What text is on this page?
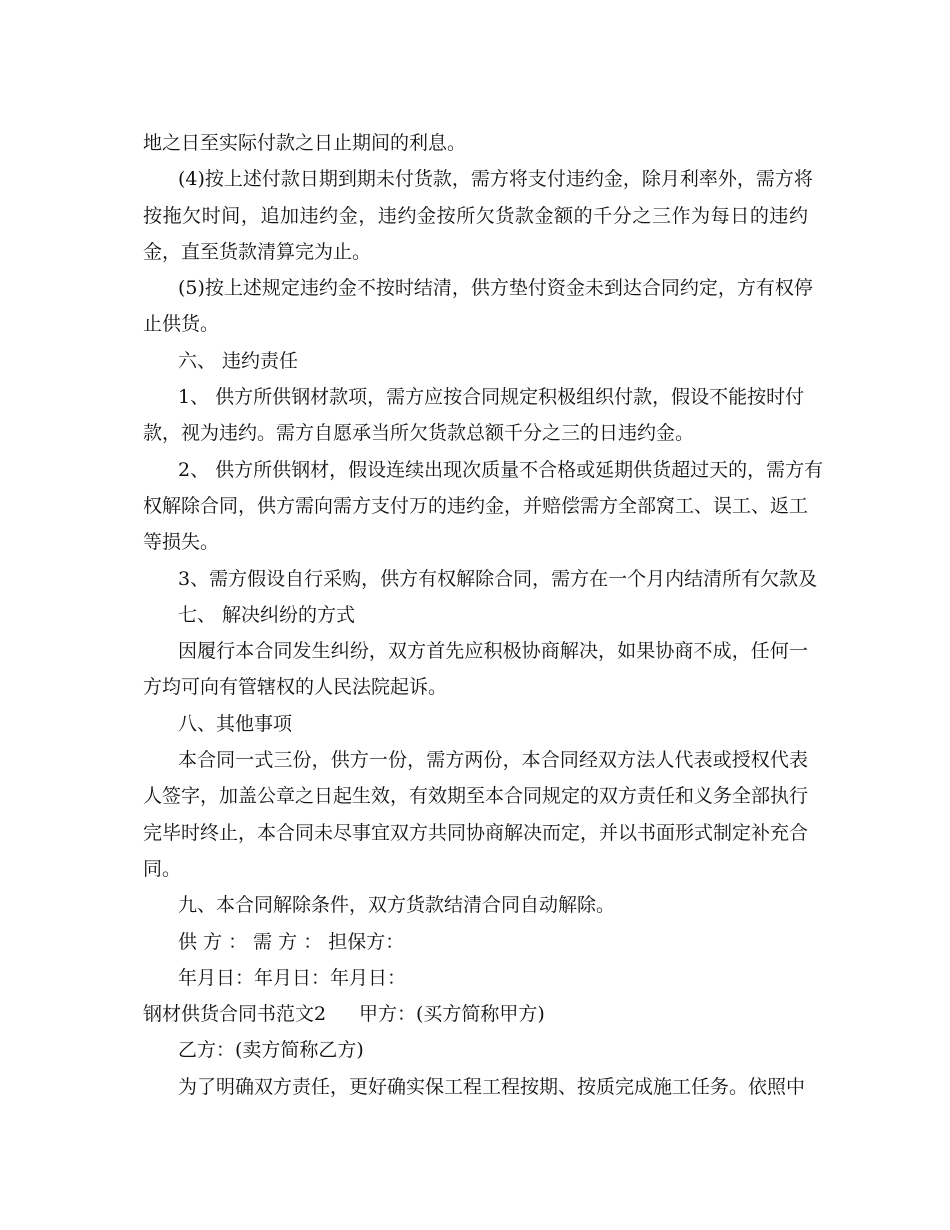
地之日至实际付款之日止期间的利息。
(4)按上述付款日期到期未付货款，需方将支付违约金，除月利率外，需方将
按拖欠时间，追加违约金，违约金按所欠货款金额的千分之三作为每日的违约
金，直至货款清算完为止。
(5)按上述规定违约金不按时结清，供方垫付资金未到达合同约定，方有权停
止供货。
六、 违约责任
1、 供方所供钢材款项，需方应按合同规定积极组织付款，假设不能按时付
款，视为违约。需方自愿承当所欠货款总额千分之三的日违约金。
2、 供方所供钢材，假设连续出现次质量不合格或延期供货超过天的，需方有
权解除合同，供方需向需方支付万的违约金，并赔偿需方全部窝工、误工、返工
等损失。
3、需方假设自行采购，供方有权解除合同，需方在一个月内结清所有欠款及
七、 解决纠纷的方式
因履行本合同发生纠纷，双方首先应积极协商解决，如果协商不成，任何一
方均可向有管辖权的人民法院起诉。
八、其他事项
本合同一式三份，供方一份，需方两份，本合同经双方法人代表或授权代表
人签字，加盖公章之日起生效，有效期至本合同规定的双方责任和义务全部执行
完毕时终止，本合同未尽事宜双方共同协商解决而定，并以书面形式制定补充合
同。
九、本合同解除条件，双方货款结清合同自动解除。
供 方 ： 需 方 ： 担保方：
年月日：年月日：年月日：
钢材供货合同书范文2 甲方：(买方简称甲方)
乙方：(卖方简称乙方)
为了明确双方责任，更好确实保工程工程按期、按质完成施工任务。依照中
